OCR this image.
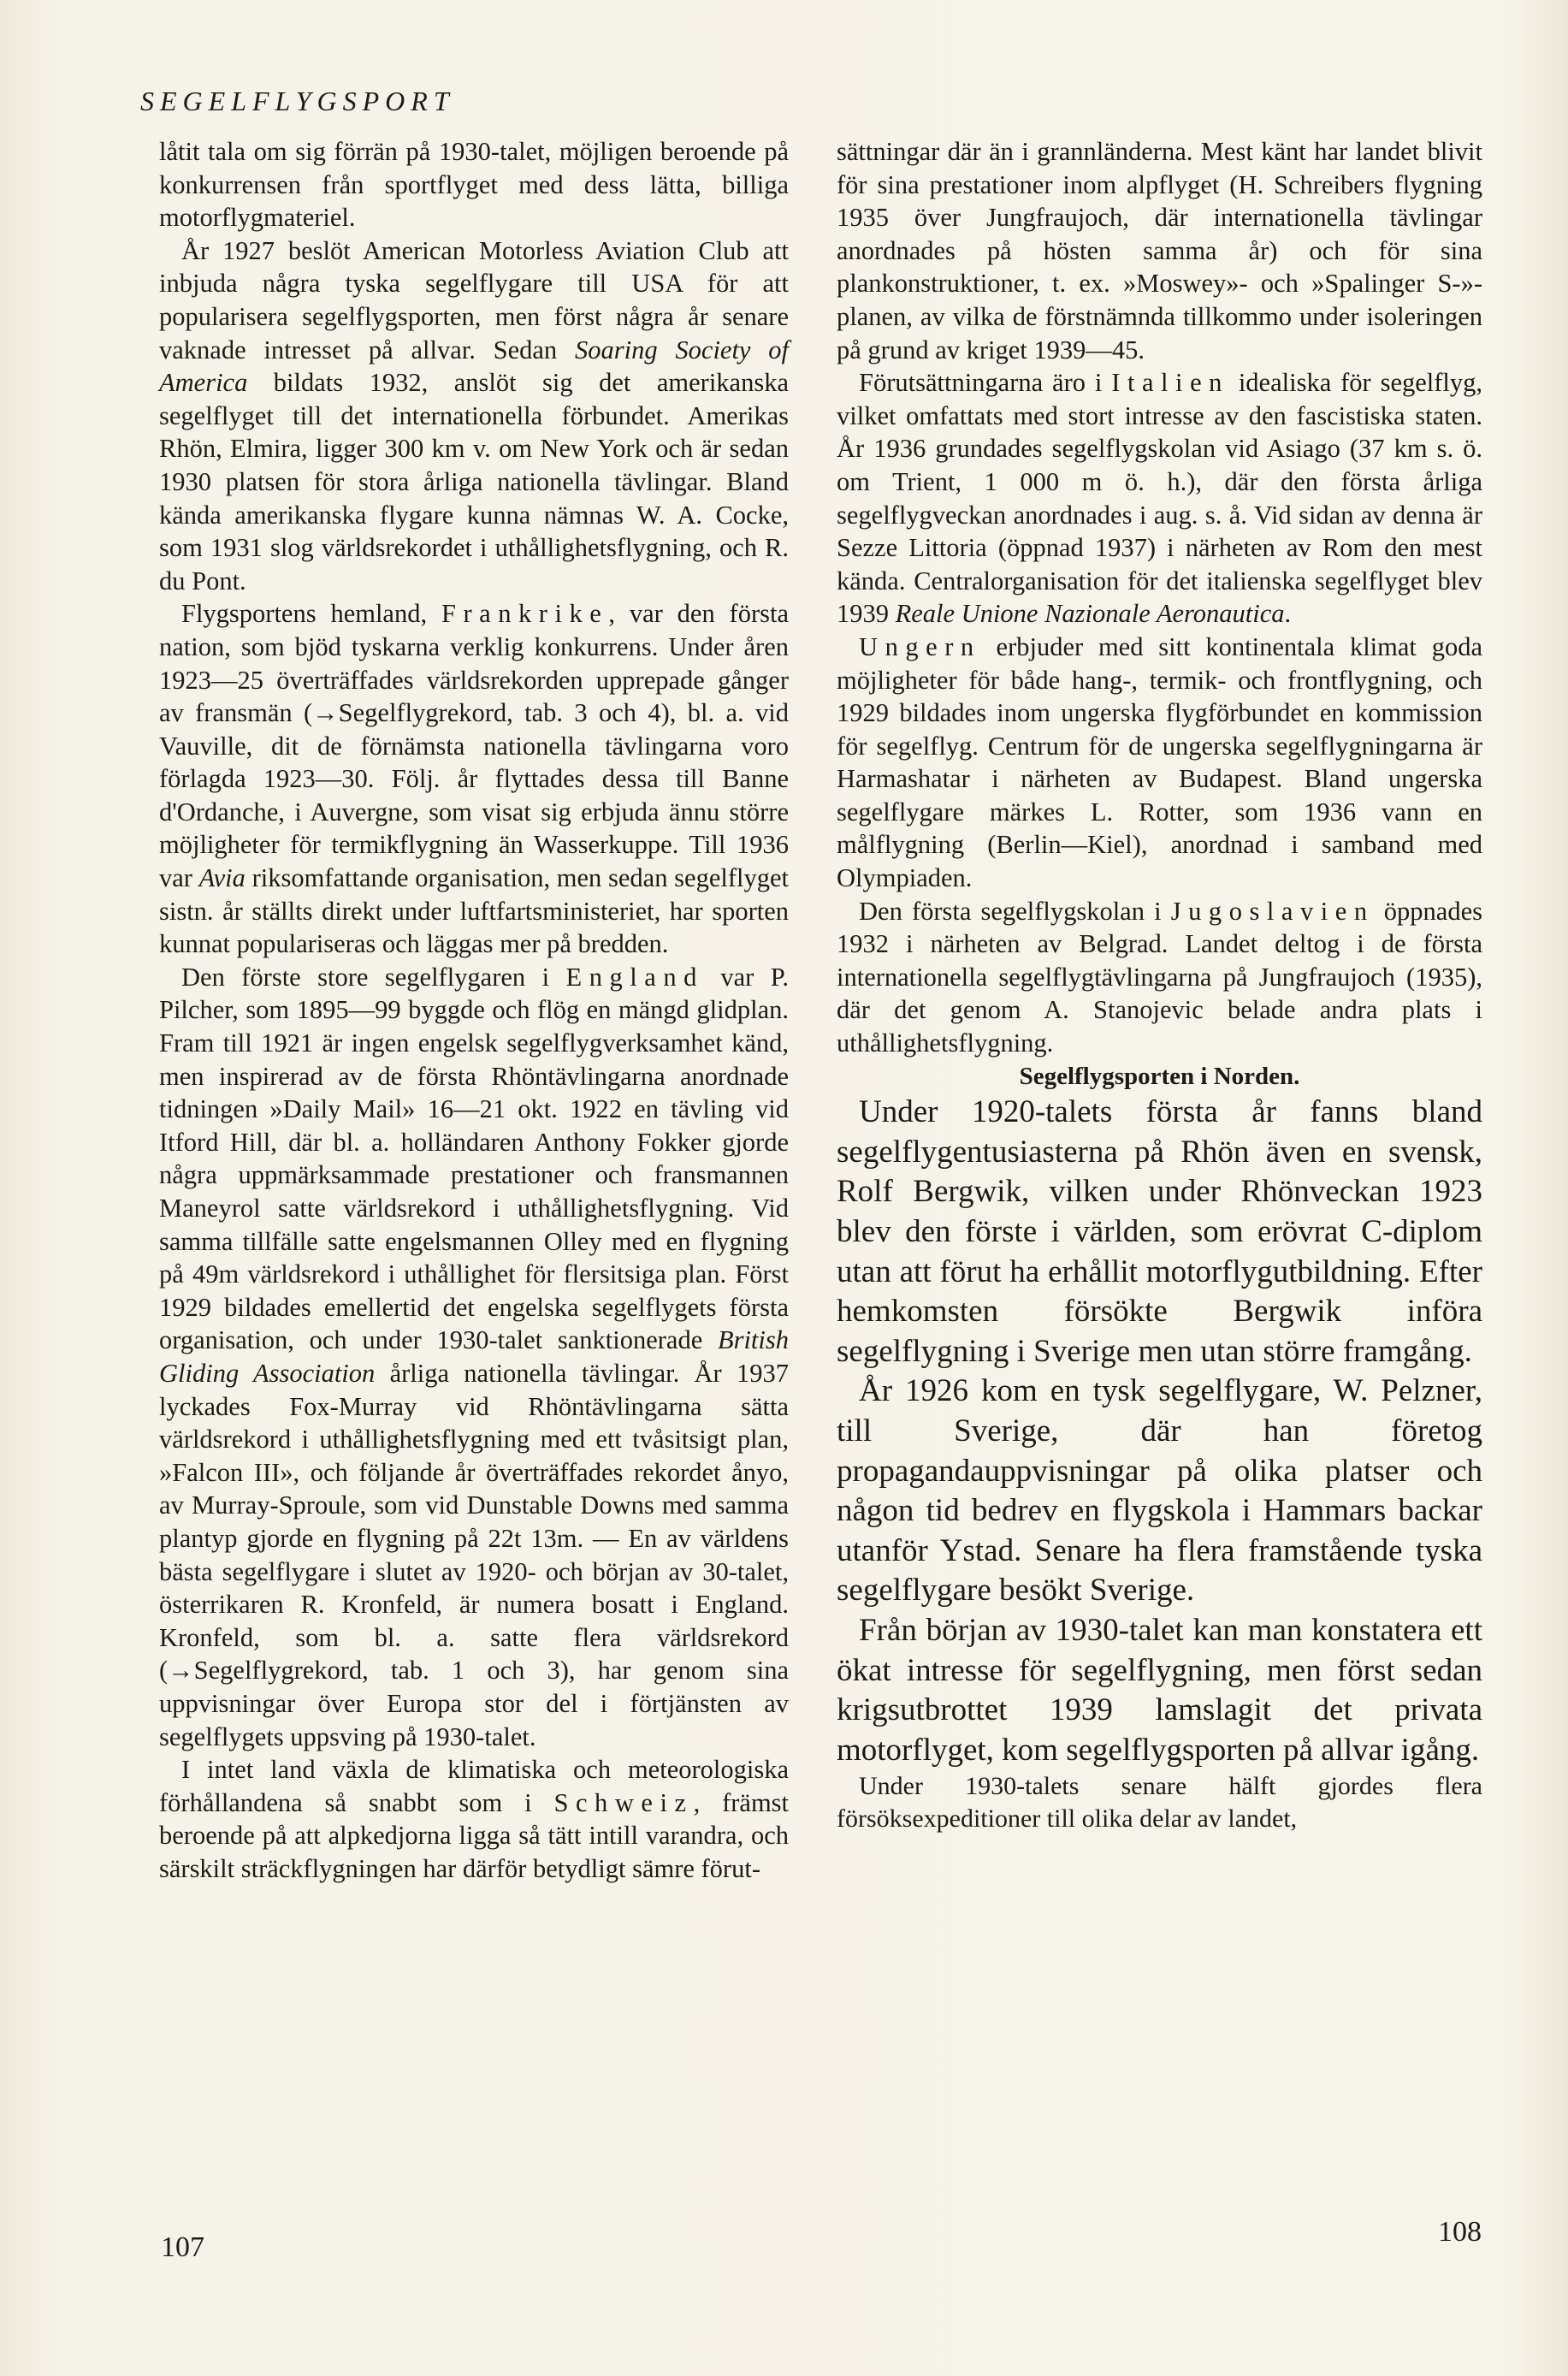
SEGELFLYGSPORT

låtit tala om sig förrän på 1930-talet, möjligen beroende på konkurrensen från sportflyget med dess lätta, billiga motorflygmateriel.

År 1927 beslöt American Motorless Aviation Club att inbjuda några tyska segelflygare till USA för att popularisera segelflygsporten, men först några år senare vaknade intresset på allvar. Sedan Soaring Society of America bildats 1932, anslöt sig det amerikanska segelflyget till det internationella förbundet. Amerikas Rhön, Elmira, ligger 300 km v. om New York och är sedan 1930 platsen för stora årliga nationella tävlingar. Bland kända amerikanska flygare kunna nämnas W. A. Cocke, som 1931 slog världsrekordet i uthållighetsflygning, och R. du Pont.

Flygsportens hemland, Frankrike, var den första nation, som bjöd tyskarna verklig konkurrens. Under åren 1923—25 överträffades världsrekorden upprepade gånger av fransmän (→Segelflygrekord, tab. 3 och 4), bl. a. vid Vauville, dit de förnämsta nationella tävlingarna voro förlagda 1923—30. Följ. år flyttades dessa till Banne d'Ordanche, i Auvergne, som visat sig erbjuda ännu större möjligheter för termikflygning än Wasserkuppe. Till 1936 var Avia riksomfattande organisation, men sedan segelflyget sistn. år ställts direkt under luftfartsministeriet, har sporten kunnat populariseras och läggas mer på bredden.

Den förste store segelflygaren i England var P. Pilcher, som 1895—99 byggde och flög en mängd glidplan. Fram till 1921 är ingen engelsk segelflygverksamhet känd, men inspirerad av de första Rhöntävlingarna anordnade tidningen »Daily Mail» 16—21 okt. 1922 en tävling vid Itford Hill, där bl. a. holländaren Anthony Fokker gjorde några uppmärksammade prestationer och fransmannen Maneyrol satte världsrekord i uthållighetsflygning. Vid samma tillfälle satte engelsmannen Olley med en flygning på 49m världsrekord i uthållighet för flersitsiga plan. Först 1929 bildades emellertid det engelska segelflygets första organisation, och under 1930-talet sanktionerade British Gliding Association årliga nationella tävlingar. År 1937 lyckades Fox-Murray vid Rhöntävlingarna sätta världsrekord i uthållighetsflygning med ett tvåsitsigt plan, »Falcon III», och följande år överträffades rekordet ånyo, av Murray-Sproule, som vid Dunstable Downs med samma plantyp gjorde en flygning på 22t 13m. — En av världens bästa segelflygare i slutet av 1920- och början av 30-talet, österrikaren R. Kronfeld, är numera bosatt i England. Kronfeld, som bl. a. satte flera världsrekord (→Segelflygrekord, tab. 1 och 3), har genom sina uppvisningar över Europa stor del i förtjänsten av segelflygets uppsving på 1930-talet.

I intet land växla de klimatiska och meteorologiska förhållandena så snabbt som i Schweiz, främst beroende på att alpkedjorna ligga så tätt intill varandra, och särskilt sträckflygningen har därför betydligt sämre förut-

sättningar där än i grannländerna. Mest känt har landet blivit för sina prestationer inom alpflyget (H. Schreibers flygning 1935 över Jungfraujoch, där internationella tävlingar anordnades på hösten samma år) och för sina plankonstruktioner, t. ex. »Moswey»- och »Spalinger S-»-planen, av vilka de förstnämnda tillkommo under isoleringen på grund av kriget 1939—45.

Förutsättningarna äro i Italien idealiska för segelflyg, vilket omfattats med stort intresse av den fascistiska staten. År 1936 grundades segelflygskolan vid Asiago (37 km s. ö. om Trient, 1 000 m ö. h.), där den första årliga segelflygveckan anordnades i aug. s. å. Vid sidan av denna är Sezze Littoria (öppnad 1937) i närheten av Rom den mest kända. Centralorganisation för det italienska segelflyget blev 1939 Reale Unione Nazionale Aeronautica.

Ungern erbjuder med sitt kontinentala klimat goda möjligheter för både hang-, termik- och frontflygning, och 1929 bildades inom ungerska flygförbundet en kommission för segelflyg. Centrum för de ungerska segelflygningarna är Harmashatar i närheten av Budapest. Bland ungerska segelflygare märkes L. Rotter, som 1936 vann en målflygning (Berlin—Kiel), anordnad i samband med Olympiaden.

Den första segelflygskolan i Jugoslavien öppnades 1932 i närheten av Belgrad. Landet deltog i de första internationella segelflygtävlingarna på Jungfraujoch (1935), där det genom A. Stanojevic belade andra plats i uthållighetsflygning.

Segelflygsporten i Norden.

Under 1920-talets första år fanns bland segelflygentusiasterna på Rhön även en svensk, Rolf Bergwik, vilken under Rhönveckan 1923 blev den förste i världen, som erövrat C-diplom utan att förut ha erhållit motorflygutbildning. Efter hemkomsten försökte Bergwik införa segelflygning i Sverige men utan större framgång.

År 1926 kom en tysk segelflygare, W. Pelzner, till Sverige, där han företog propagandauppvisningar på olika platser och någon tid bedrev en flygskola i Hammars backar utanför Ystad. Senare ha flera framstående tyska segelflygare besökt Sverige.

Från början av 1930-talet kan man konstatera ett ökat intresse för segelflygning, men först sedan krigsutbrottet 1939 lamslagit det privata motorflyget, kom segelflygsporten på allvar igång.

Under 1930-talets senare hälft gjordes flera försöksexpeditioner till olika delar av landet,

107	108
